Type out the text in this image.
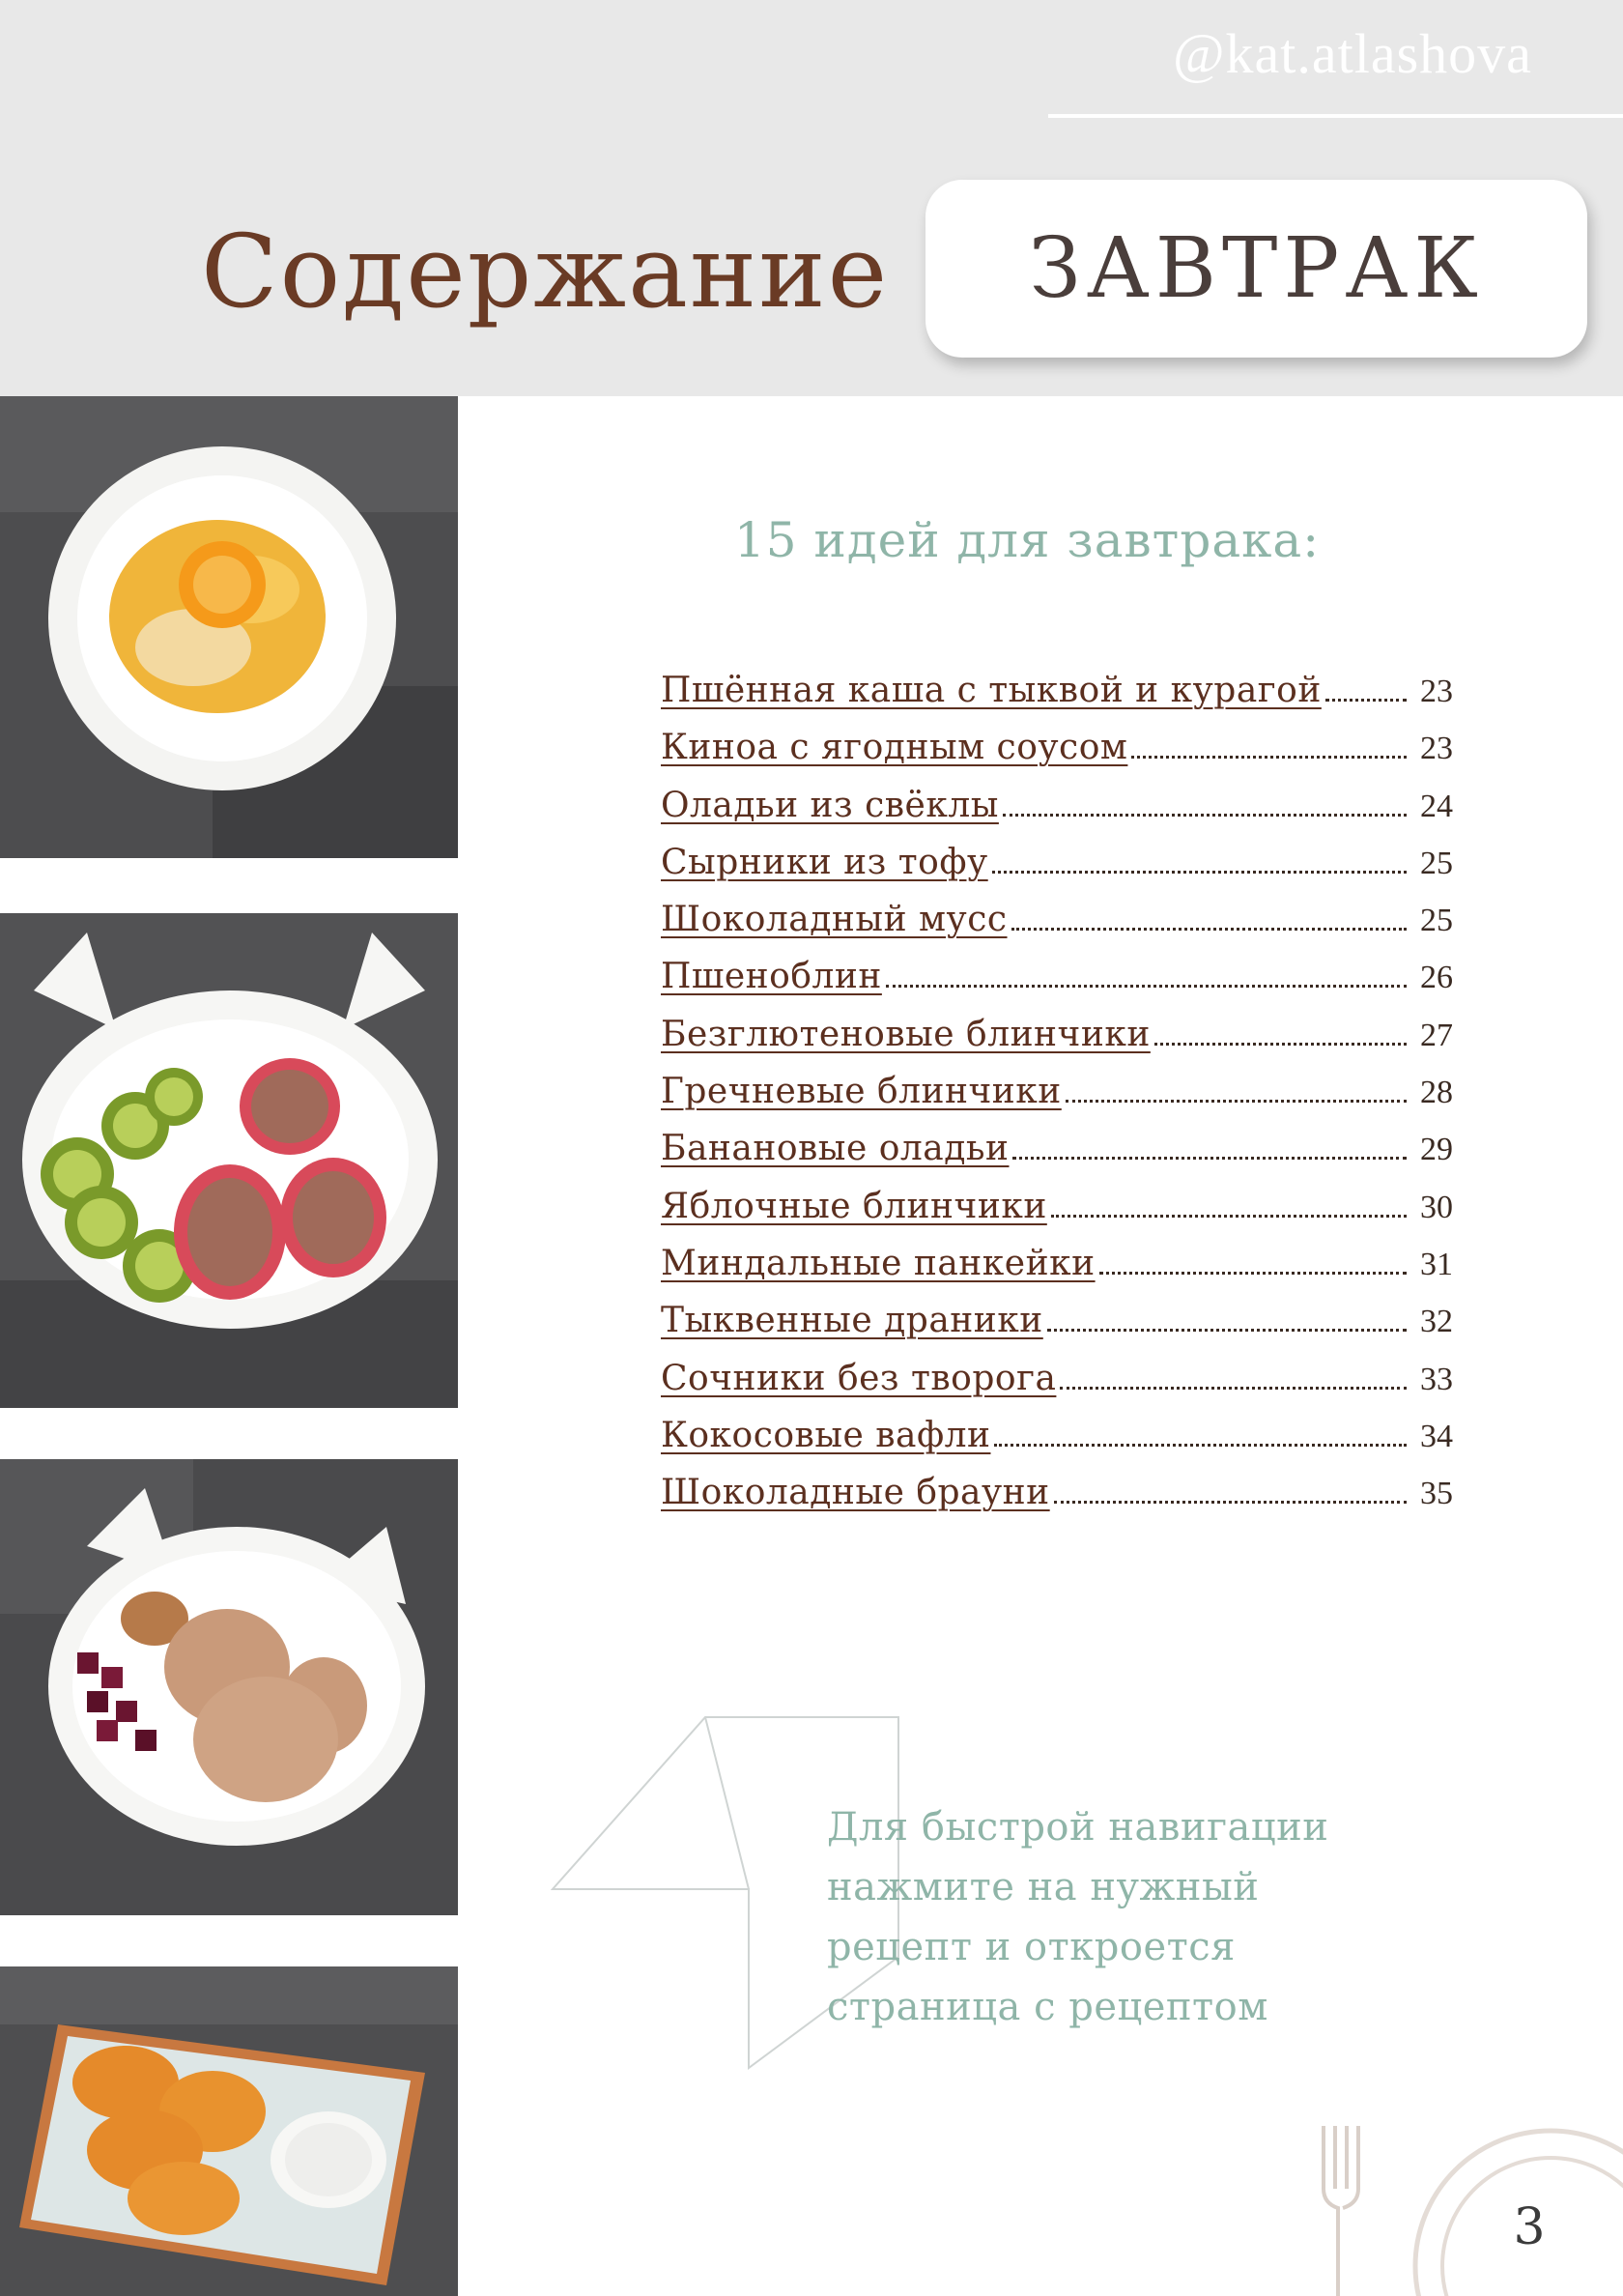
@kat.atlashova
Содержание ЗАВТРАК
15 идей для завтрака:
Пшённая каша с тыквой и курагой	23
Киноа с ягодным соусом	23
Оладьи из свёклы	24
Сырники из тофу	25
Шоколадный мусс	25
Пшеноблин	26
Безглютеновые блинчики	27
Гречневые блинчики	28
Банановые оладьи	29
Яблочные блинчики	30
Миндальные панкейки	31
Тыквенные драники	32
Сочники без творога	33
Кокосовые вафли	34
Шоколадные брауни	35
Для быстрой навигации
нажмите на нужный
рецепт и откроется
страница с рецептом
3
